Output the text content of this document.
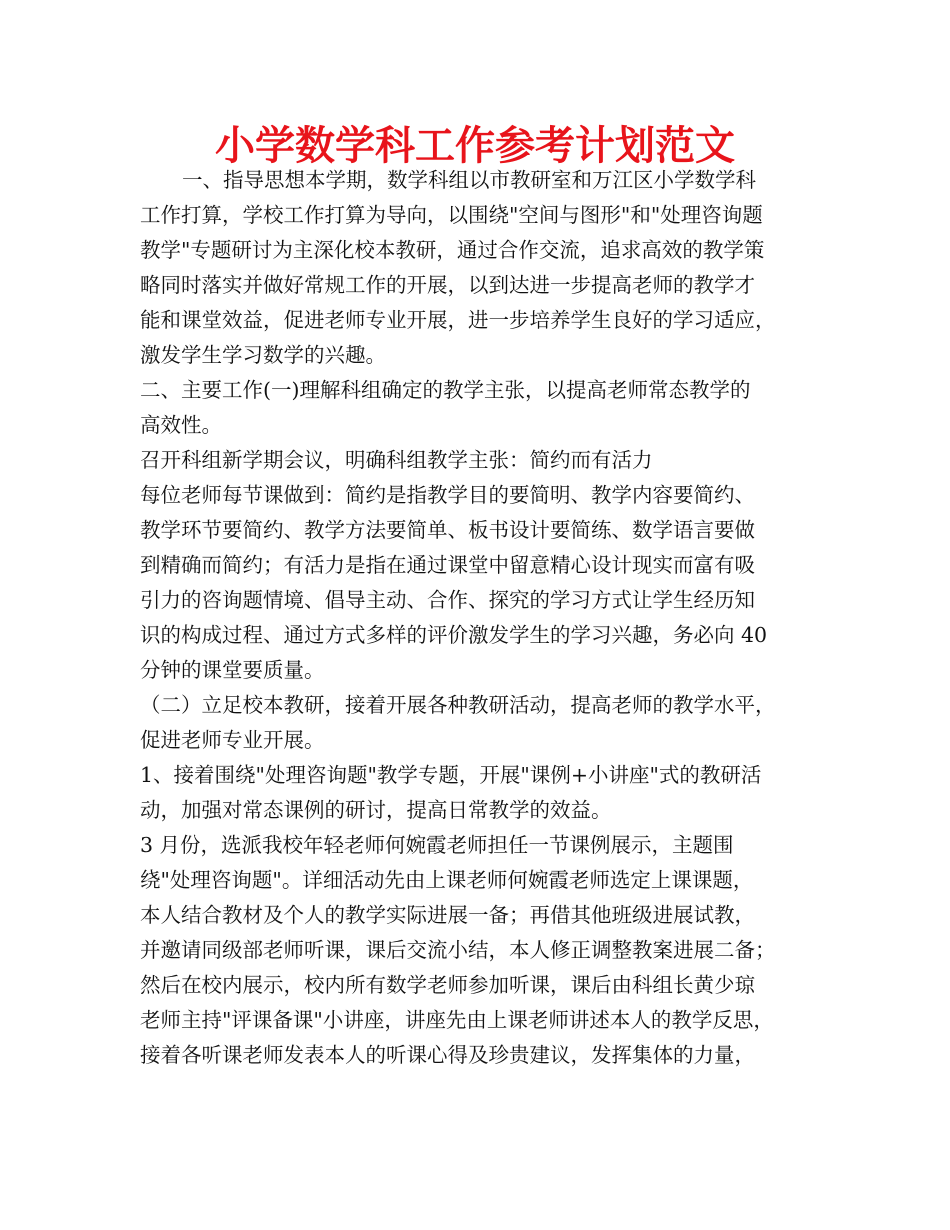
小学数学科工作参考计划范文
一、指导思想本学期，数学科组以市教研室和万江区小学数学科
工作打算，学校工作打算为导向，以围绕"空间与图形"和"处理咨询题
教学"专题研讨为主深化校本教研，通过合作交流，追求高效的教学策
略同时落实并做好常规工作的开展，以到达进一步提高老师的教学才
能和课堂效益，促进老师专业开展，进一步培养学生良好的学习适应，
激发学生学习数学的兴趣。
二、主要工作(一)理解科组确定的教学主张，以提高老师常态教学的
高效性。
召开科组新学期会议，明确科组教学主张：简约而有活力
每位老师每节课做到：简约是指教学目的要简明、教学内容要简约、
教学环节要简约、教学方法要简单、板书设计要简练、数学语言要做
到精确而简约；有活力是指在通过课堂中留意精心设计现实而富有吸
引力的咨询题情境、倡导主动、合作、探究的学习方式让学生经历知
识的构成过程、通过方式多样的评价激发学生的学习兴趣，务必向 40
分钟的课堂要质量。
（二）立足校本教研，接着开展各种教研活动，提高老师的教学水平，
促进老师专业开展。
1、接着围绕"处理咨询题"教学专题，开展"课例+小讲座"式的教研活
动，加强对常态课例的研讨，提高日常教学的效益。
3 月份，选派我校年轻老师何婉霞老师担任一节课例展示，主题围
绕"处理咨询题"。详细活动先由上课老师何婉霞老师选定上课课题，
本人结合教材及个人的教学实际进展一备；再借其他班级进展试教，
并邀请同级部老师听课，课后交流小结，本人修正调整教案进展二备；
然后在校内展示，校内所有数学老师参加听课，课后由科组长黄少琼
老师主持"评课备课"小讲座，讲座先由上课老师讲述本人的教学反思，
接着各听课老师发表本人的听课心得及珍贵建议，发挥集体的力量，
